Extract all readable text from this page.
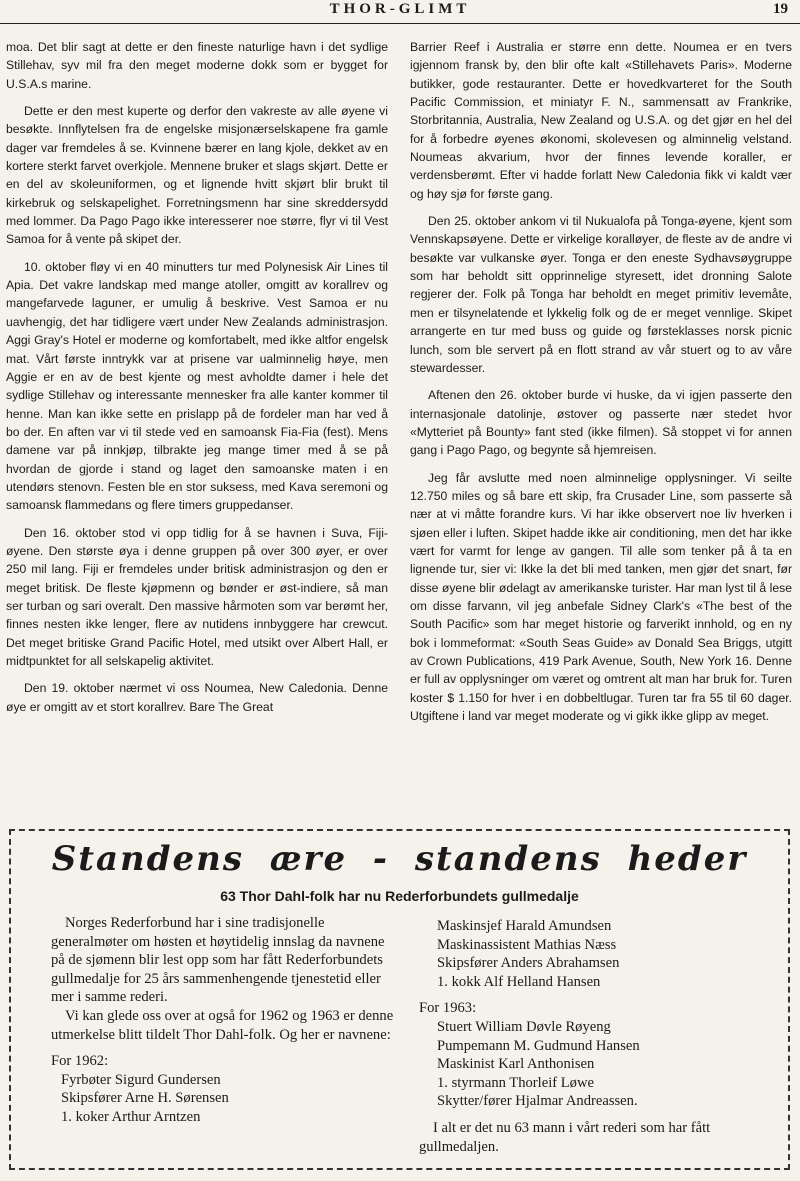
THOR-GLIMT	19

moa. Det blir sagt at dette er den fineste naturlige havn i det sydlige Stillehav, syv mil fra den meget moderne dokk som er bygget for U.S.A.s marine.

Dette er den mest kuperte og derfor den vakreste av alle øyene vi besøkte. Innflytelsen fra de engelske misjonærselskapene fra gamle dager var fremdeles å se. Kvinnene bærer en lang kjole, dekket av en kortere sterkt farvet overkjole. Mennene bruker et slags skjørt. Dette er en del av skoleuniformen, og et lignende hvitt skjørt blir brukt til kirkebruk og selskapelighet. Forretningsmenn har sine skreddersydd med lommer. Da Pago Pago ikke interesserer noe større, flyr vi til Vest Samoa for å vente på skipet der.

10. oktober fløy vi en 40 minutters tur med Polynesisk Air Lines til Apia. Det vakre landskap med mange atoller, omgitt av korallrev og mangefarvede laguner, er umulig å beskrive. Vest Samoa er nu uavhengig, det har tidligere vært under New Zealands administrasjon. Aggi Gray's Hotel er moderne og komfortabelt, med ikke altfor engelsk mat. Vårt første inntrykk var at prisene var ualminnelig høye, men Aggie er en av de best kjente og mest avholdte damer i hele det sydlige Stillehav og interessante mennesker fra alle kanter kommer til henne. Man kan ikke sette en prislapp på de fordeler man har ved å bo der. En aften var vi til stede ved en samoansk Fia-Fia (fest). Mens damene var på innkjøp, tilbrakte jeg mange timer med å se på hvordan de gjorde i stand og laget den samoanske maten i en utendørs stenovn. Festen ble en stor suksess, med Kava seremoni og samoansk flammedans og flere timers gruppedanser.

Den 16. oktober stod vi opp tidlig for å se havnen i Suva, Fiji-øyene. Den største øya i denne gruppen på over 300 øyer, er over 250 mil lang. Fiji er fremdeles under britisk administrasjon og den er meget britisk. De fleste kjøpmenn og bønder er øst-indiere, så man ser turban og sari overalt. Den massive hårmoten som var berømt her, finnes nesten ikke lenger, flere av nutidens innbyggere har crewcut. Det meget britiske Grand Pacific Hotel, med utsikt over Albert Hall, er midtpunktet for all selskapelig aktivitet.

Den 19. oktober nærmet vi oss Noumea, New Caledonia. Denne øye er omgitt av et stort korallrev. Bare The Great

Barrier Reef i Australia er større enn dette. Noumea er en tvers igjennom fransk by, den blir ofte kalt «Stillehavets Paris». Moderne butikker, gode restauranter. Dette er hovedkvarteret for the South Pacific Commission, et miniatyr F. N., sammensatt av Frankrike, Storbritannia, Australia, New Zealand og U.S.A. og det gjør en hel del for å forbedre øyenes økonomi, skolevesen og alminnelig velstand. Noumeas akvarium, hvor der finnes levende koraller, er verdensberømt. Efter vi hadde forlatt New Caledonia fikk vi kaldt vær og høy sjø for første gang.

Den 25. oktober ankom vi til Nukualofa på Tonga-øyene, kjent som Vennskapsøyene. Dette er virkelige koralløyer, de fleste av de andre vi besøkte var vulkanske øyer. Tonga er den eneste Sydhavsøygruppe som har beholdt sitt opprinnelige styresett, idet dronning Salote regjerer der. Folk på Tonga har beholdt en meget primitiv levemåte, men er tilsynelatende et lykkelig folk og de er meget vennlige. Skipet arrangerte en tur med buss og guide og førsteklasses norsk picnic lunch, som ble servert på en flott strand av vår stuert og to av våre stewardesser.

Aftenen den 26. oktober burde vi huske, da vi igjen passerte den internasjonale datolinje, østover og passerte nær stedet hvor «Mytteriet på Bounty» fant sted (ikke filmen). Så stoppet vi for annen gang i Pago Pago, og begynte så hjemreisen.

Jeg får avslutte med noen alminnelige opplysninger. Vi seilte 12.750 miles og så bare ett skip, fra Crusader Line, som passerte så nær at vi måtte forandre kurs. Vi har ikke observert noe liv hverken i sjøen eller i luften. Skipet hadde ikke air conditioning, men det har ikke vært for varmt for lenge av gangen. Til alle som tenker på å ta en lignende tur, sier vi: Ikke la det bli med tanken, men gjør det snart, før disse øyene blir ødelagt av amerikanske turister. Har man lyst til å lese om disse farvann, vil jeg anbefale Sidney Clark's «The best of the South Pacific» som har meget historie og farverikt innhold, og en ny bok i lommeformat: «South Seas Guide» av Donald Sea Briggs, utgitt av Crown Publications, 419 Park Avenue, South, New York 16. Denne er full av opplysninger om været og omtrent alt man har bruk for. Turen koster $ 1.150 for hver i en dobbeltlugar. Turen tar fra 55 til 60 dager. Utgiftene i land var meget moderate og vi gikk ikke glipp av meget.

Standens ære - standens heder
63 Thor Dahl-folk har nu Rederforbundets gullmedalje

Norges Rederforbund har i sine tradisjonelle generalmøter om høsten et høytidelig innslag da navnene på de sjømenn blir lest opp som har fått Rederforbundets gullmedalje for 25 års sammenhengende tjenestetid eller mer i samme rederi.

Vi kan glede oss over at også for 1962 og 1963 er denne utmerkelse blitt tildelt Thor Dahl-folk. Og her er navnene:

For 1962:
Fyrbøter Sigurd Gundersen
Skipsfører Arne H. Sørensen
1. koker Arthur Arntzen
Maskinsjef Harald Amundsen
Maskinassistent Mathias Næss
Skipsfører Anders Abrahamsen
1. kokk Alf Helland Hansen
For 1963:
Stuert William Døvle Røyeng
Pumpemann M. Gudmund Hansen
Maskinist Karl Anthonisen
1. styrmann Thorleif Løwe
Skytter/fører Hjalmar Andreassen.

I alt er det nu 63 mann i vårt rederi som har fått gullmedaljen.
